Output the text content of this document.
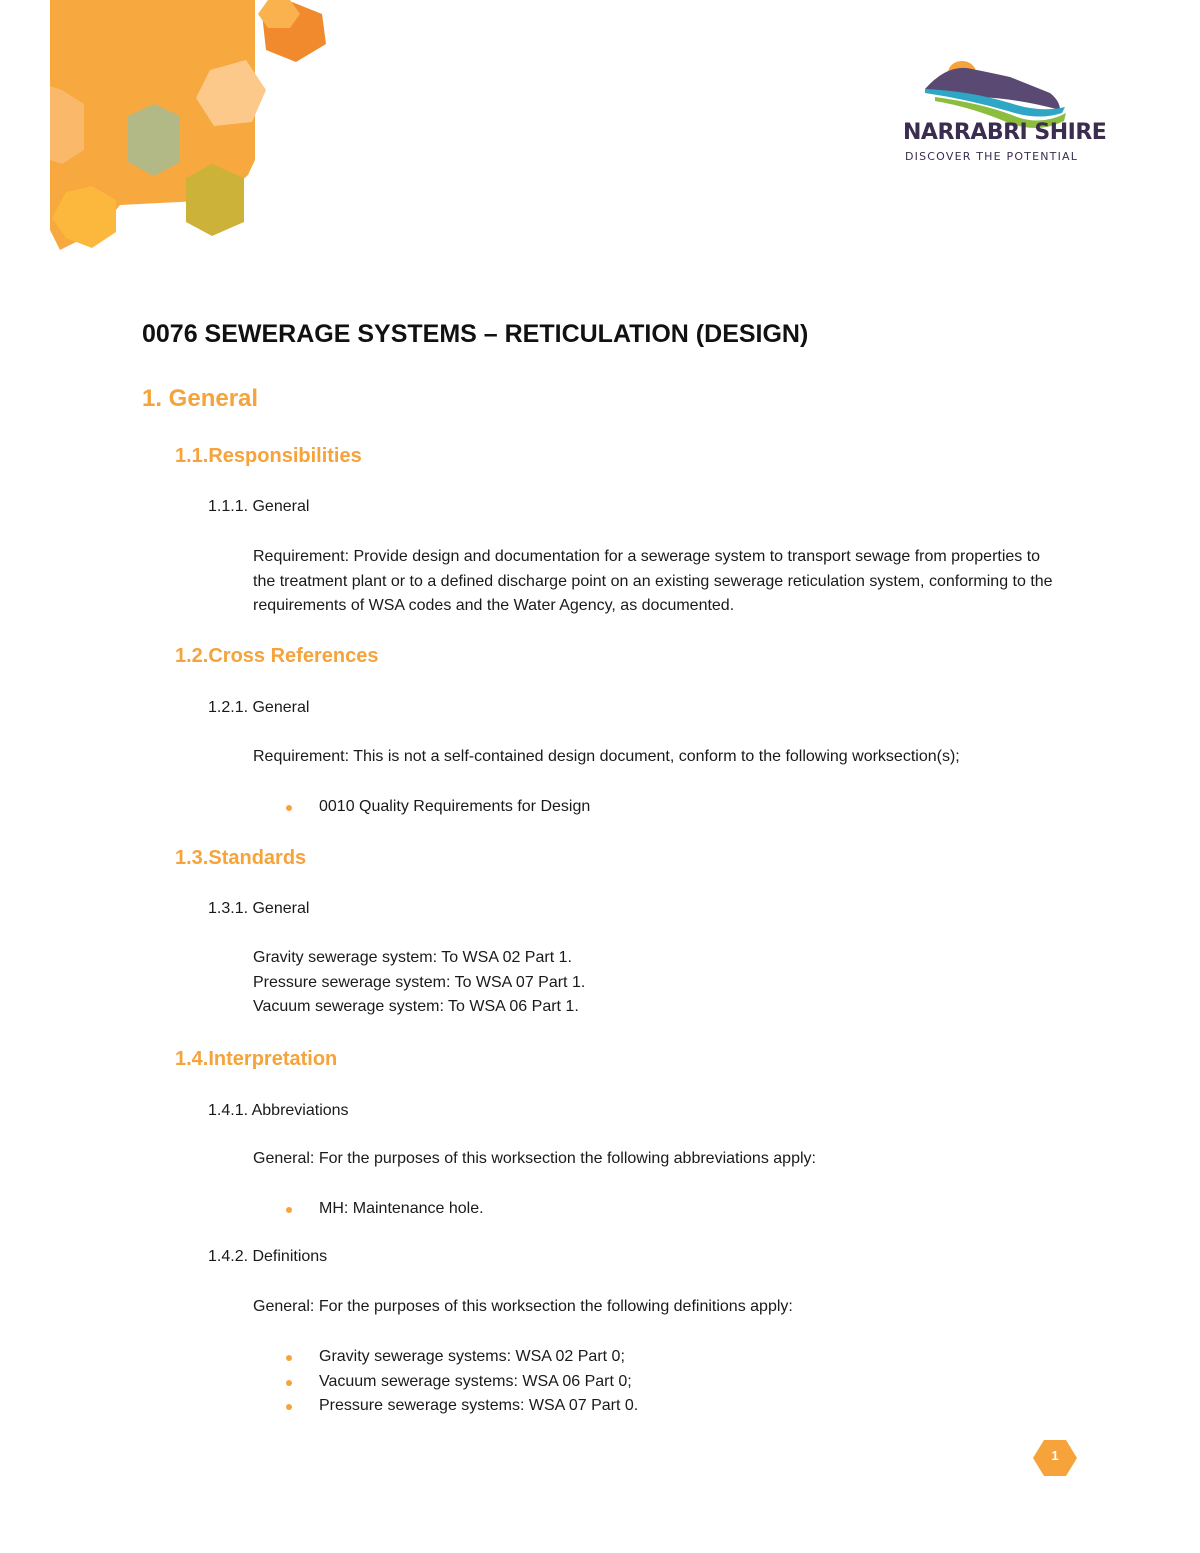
NARRABRI SHIRE
DISCOVER THE POTENTIAL
0076 SEWERAGE SYSTEMS – RETICULATION (DESIGN)
1. General
1.1.Responsibilities
1.1.1. General

Requirement: Provide design and documentation for a sewerage system to transport sewage from properties to the treatment plant or to a defined discharge point on an existing sewerage reticulation system, conforming to the requirements of WSA codes and the Water Agency, as documented.

1.2.Cross References
1.2.1. General

Requirement: This is not a self-contained design document, conform to the following worksection(s);

0010 Quality Requirements for Design
1.3.Standards
1.3.1. General

Gravity sewerage system: To WSA 02 Part 1.

Pressure sewerage system: To WSA 07 Part 1.

Vacuum sewerage system: To WSA 06 Part 1.

1.4.Interpretation
1.4.1. Abbreviations

General: For the purposes of this worksection the following abbreviations apply:

MH: Maintenance hole.
1.4.2. Definitions

General: For the purposes of this worksection the following definitions apply:

Gravity sewerage systems: WSA 02 Part 0;
Vacuum sewerage systems: WSA 06 Part 0;
Pressure sewerage systems: WSA 07 Part 0.
1
